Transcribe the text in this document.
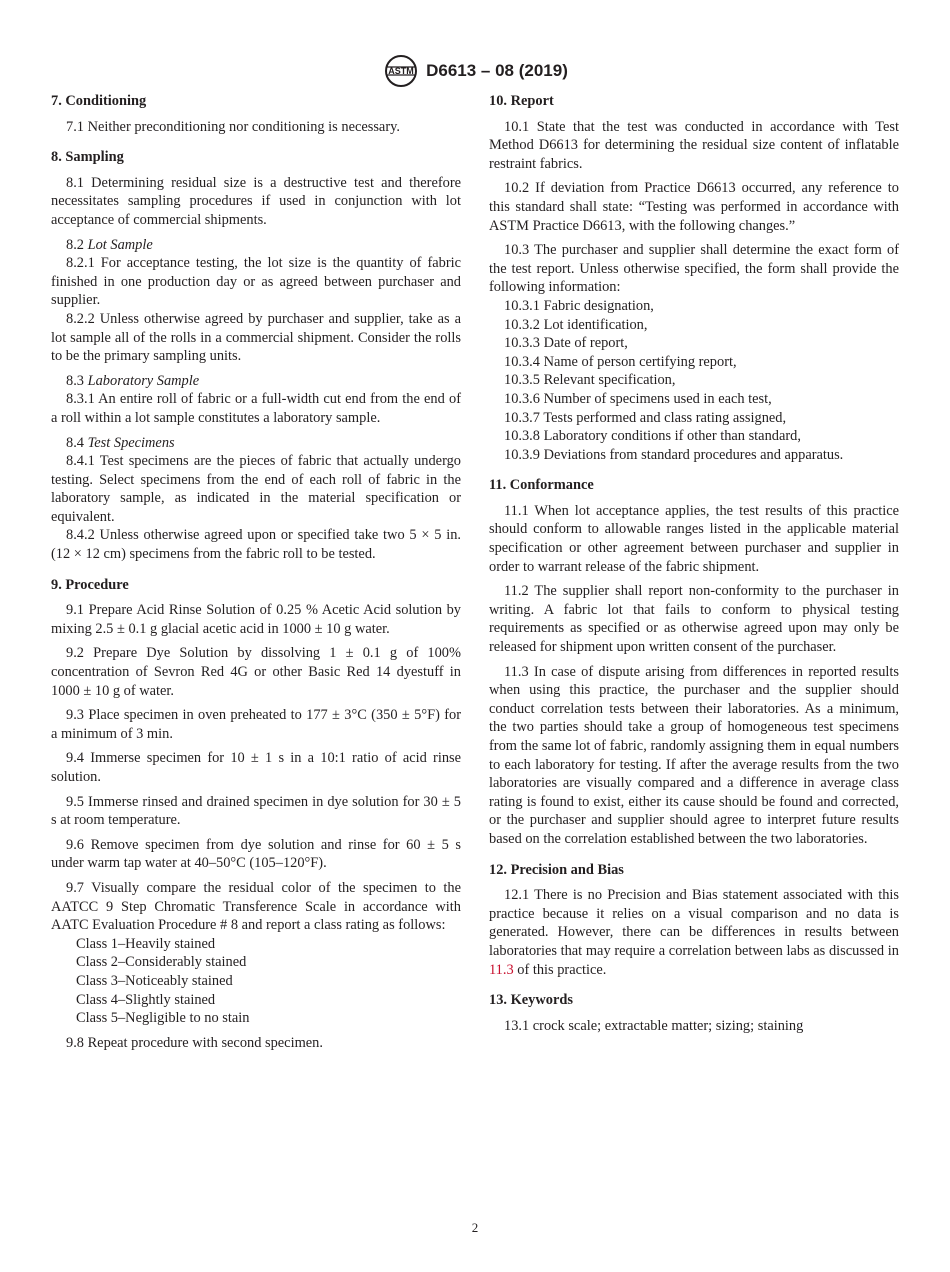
ASTM D6613 – 08 (2019)
7. Conditioning
7.1 Neither preconditioning nor conditioning is necessary.
8. Sampling
8.1 Determining residual size is a destructive test and therefore necessitates sampling procedures if used in conjunction with lot acceptance of commercial shipments.
8.2 Lot Sample
8.2.1 For acceptance testing, the lot size is the quantity of fabric finished in one production day or as agreed between purchaser and supplier.
8.2.2 Unless otherwise agreed by purchaser and supplier, take as a lot sample all of the rolls in a commercial shipment. Consider the rolls to be the primary sampling units.
8.3 Laboratory Sample
8.3.1 An entire roll of fabric or a full-width cut end from the end of a roll within a lot sample constitutes a laboratory sample.
8.4 Test Specimens
8.4.1 Test specimens are the pieces of fabric that actually undergo testing. Select specimens from the end of each roll of fabric in the laboratory sample, as indicated in the material specification or equivalent.
8.4.2 Unless otherwise agreed upon or specified take two 5 × 5 in. (12 × 12 cm) specimens from the fabric roll to be tested.
9. Procedure
9.1 Prepare Acid Rinse Solution of 0.25 % Acetic Acid solution by mixing 2.5 ± 0.1 g glacial acetic acid in 1000 ± 10 g water.
9.2 Prepare Dye Solution by dissolving 1 ± 0.1 g of 100% concentration of Sevron Red 4G or other Basic Red 14 dyestuff in 1000 ± 10 g of water.
9.3 Place specimen in oven preheated to 177 ± 3°C (350 ± 5°F) for a minimum of 3 min.
9.4 Immerse specimen for 10 ± 1 s in a 10:1 ratio of acid rinse solution.
9.5 Immerse rinsed and drained specimen in dye solution for 30 ± 5 s at room temperature.
9.6 Remove specimen from dye solution and rinse for 60 ± 5 s under warm tap water at 40–50°C (105–120°F).
9.7 Visually compare the residual color of the specimen to the AATCC 9 Step Chromatic Transference Scale in accordance with AATC Evaluation Procedure # 8 and report a class rating as follows:
Class 1–Heavily stained
Class 2–Considerably stained
Class 3–Noticeably stained
Class 4–Slightly stained
Class 5–Negligible to no stain
9.8 Repeat procedure with second specimen.
10. Report
10.1 State that the test was conducted in accordance with Test Method D6613 for determining the residual size content of inflatable restraint fabrics.
10.2 If deviation from Practice D6613 occurred, any reference to this standard shall state: “Testing was performed in accordance with ASTM Practice D6613, with the following changes.”
10.3 The purchaser and supplier shall determine the exact form of the test report. Unless otherwise specified, the form shall provide the following information:
10.3.1 Fabric designation,
10.3.2 Lot identification,
10.3.3 Date of report,
10.3.4 Name of person certifying report,
10.3.5 Relevant specification,
10.3.6 Number of specimens used in each test,
10.3.7 Tests performed and class rating assigned,
10.3.8 Laboratory conditions if other than standard,
10.3.9 Deviations from standard procedures and apparatus.
11. Conformance
11.1 When lot acceptance applies, the test results of this practice should conform to allowable ranges listed in the applicable material specification or other agreement between purchaser and supplier in order to warrant release of the fabric shipment.
11.2 The supplier shall report non-conformity to the purchaser in writing. A fabric lot that fails to conform to physical testing requirements as specified or as otherwise agreed upon may only be released for shipment upon written consent of the purchaser.
11.3 In case of dispute arising from differences in reported results when using this practice, the purchaser and the supplier should conduct correlation tests between their laboratories. As a minimum, the two parties should take a group of homogeneous test specimens from the same lot of fabric, randomly assigning them in equal numbers to each laboratory for testing. If after the average results from the two laboratories are visually compared and a difference in average class rating is found to exist, either its cause should be found and corrected, or the purchaser and supplier should agree to interpret future results based on the correlation established between the two laboratories.
12. Precision and Bias
12.1 There is no Precision and Bias statement associated with this practice because it relies on a visual comparison and no data is generated. However, there can be differences in results between laboratories that may require a correlation between labs as discussed in 11.3 of this practice.
13. Keywords
13.1 crock scale; extractable matter; sizing; staining
2
